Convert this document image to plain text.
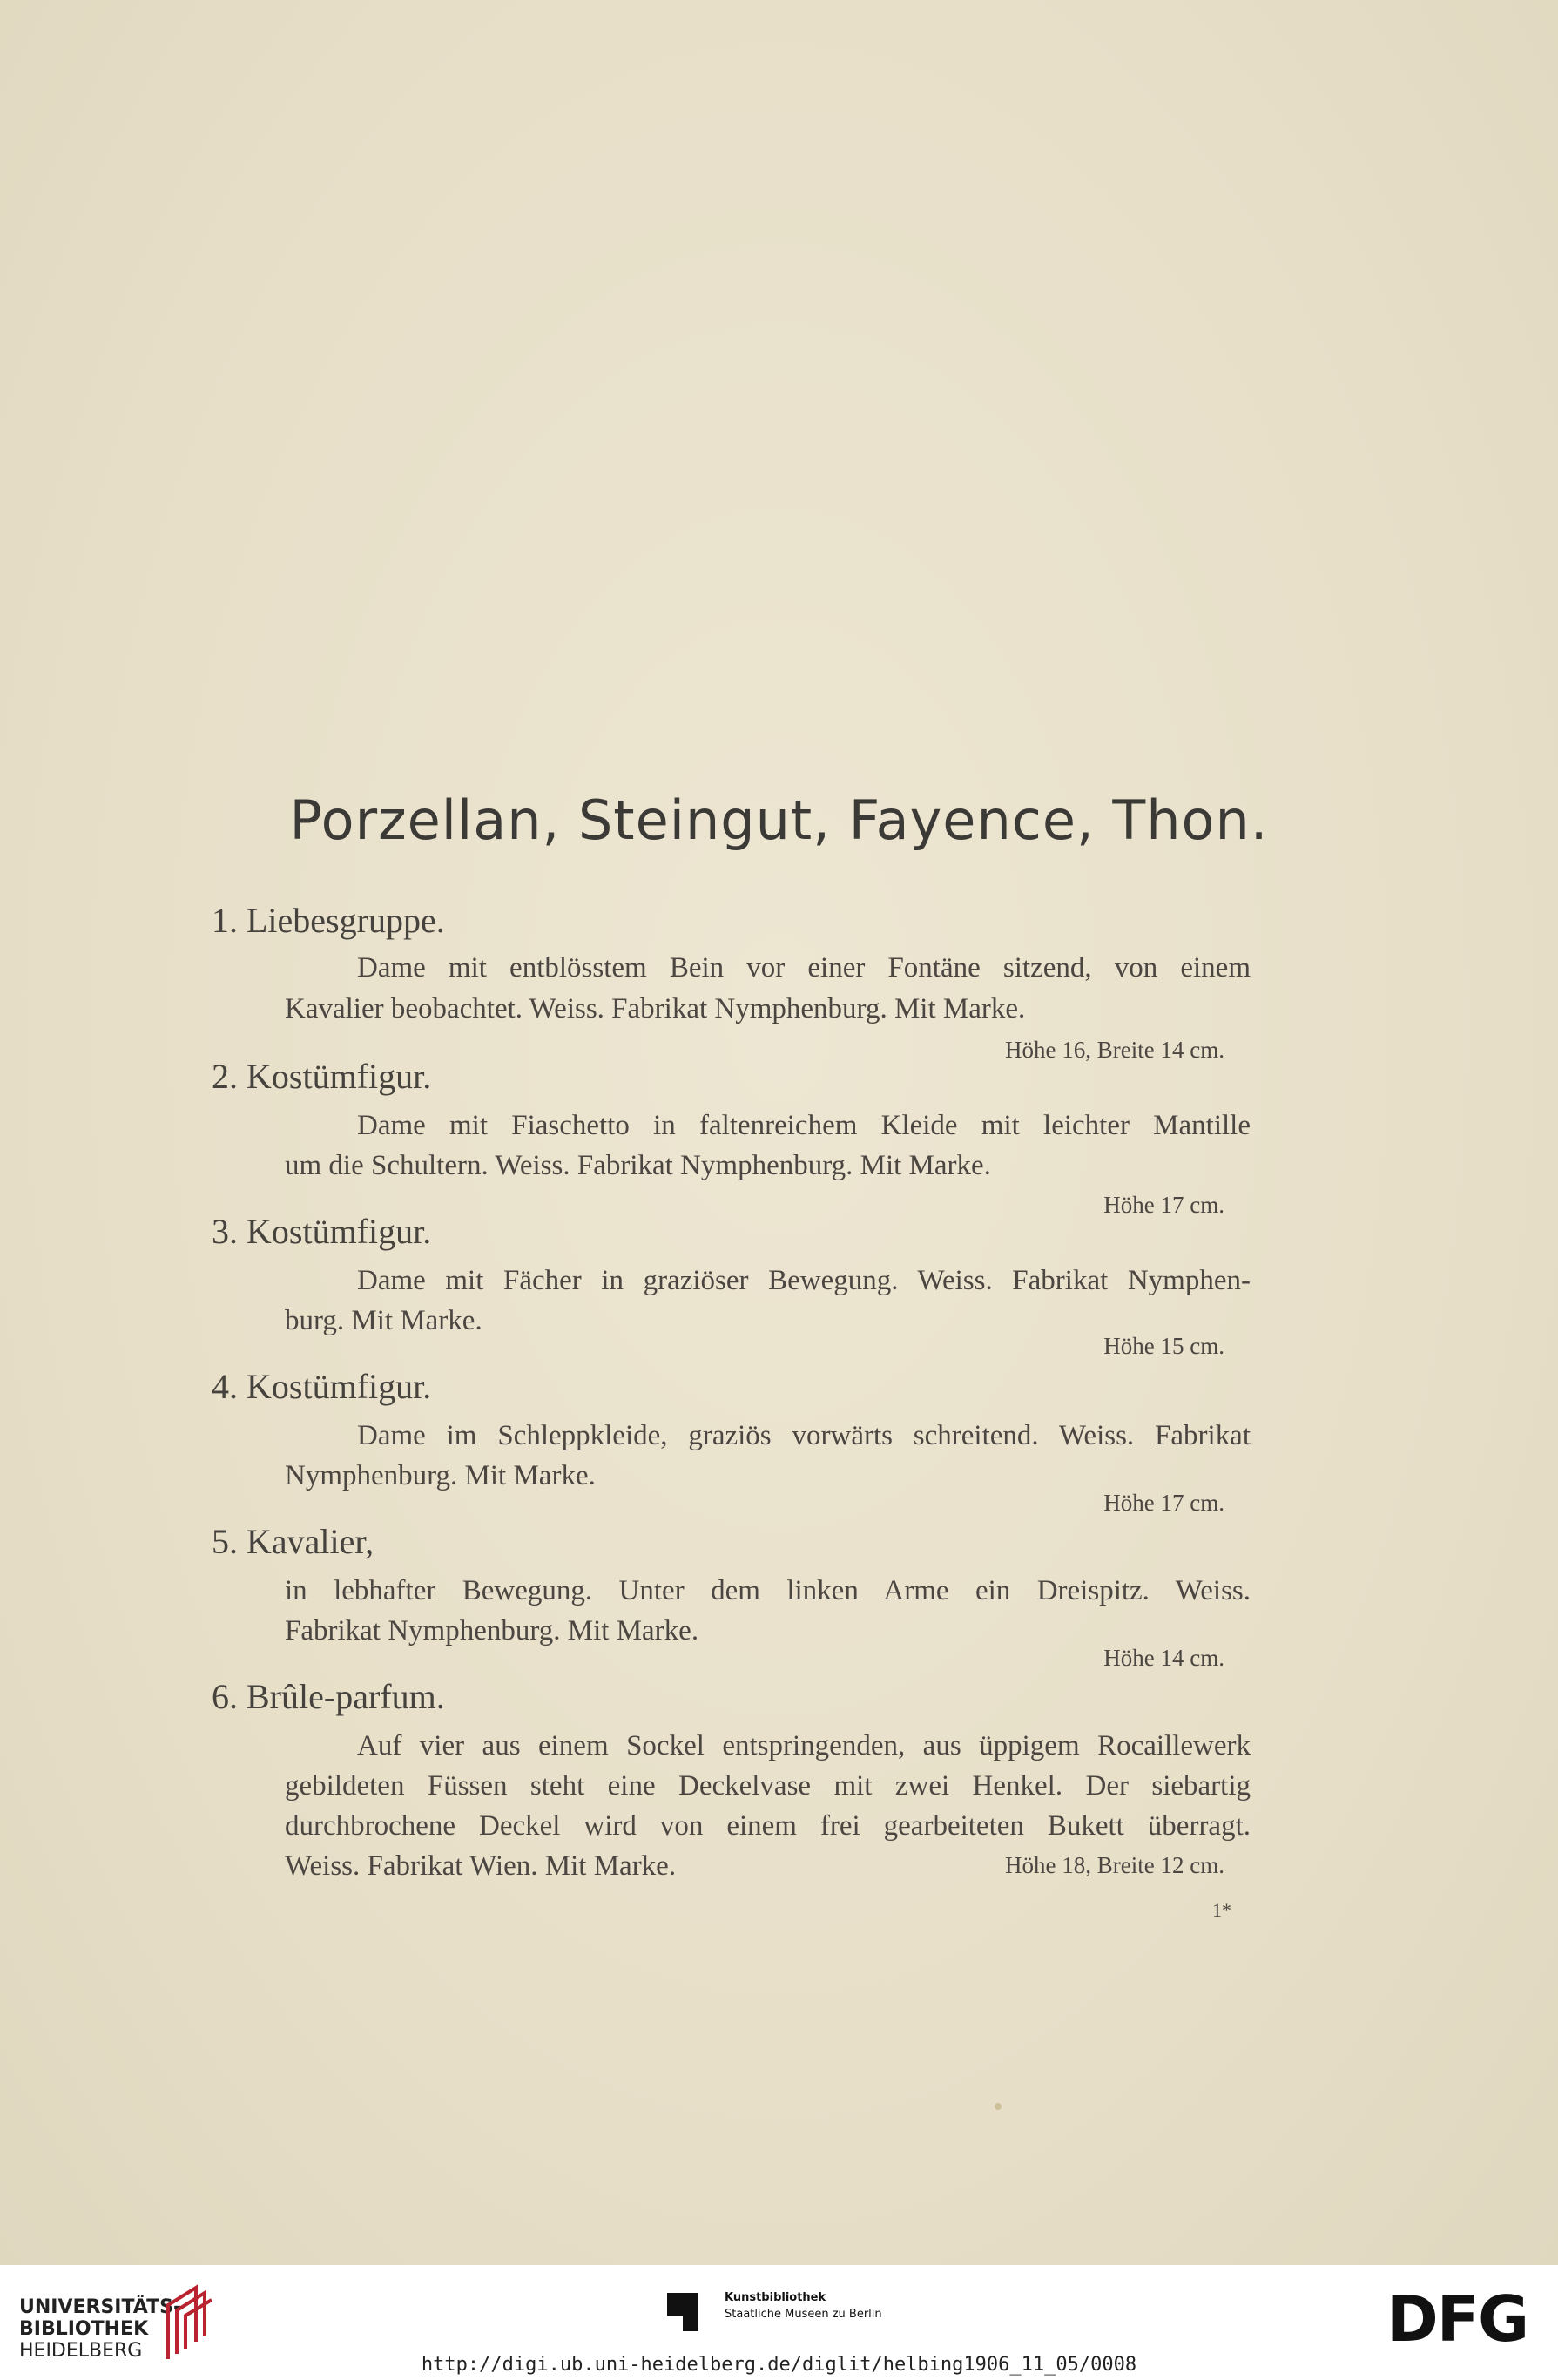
Porzellan, Steingut, Fayence, Thon.
1. Liebesgruppe.
Dame mit entblösstem Bein vor einer Fontäne sitzend, von einem
Kavalier beobachtet. Weiss. Fabrikat Nymphenburg. Mit Marke.
Höhe 16, Breite 14 cm.
2. Kostümfigur.
Dame mit Fiaschetto in faltenreichem Kleide mit leichter Mantille
um die Schultern. Weiss. Fabrikat Nymphenburg. Mit Marke.
Höhe 17 cm.
3. Kostümfigur.
Dame mit Fächer in graziöser Bewegung. Weiss. Fabrikat Nymphen-
burg. Mit Marke.
Höhe 15 cm.
4. Kostümfigur.
Dame im Schleppkleide, graziös vorwärts schreitend. Weiss. Fabrikat
Nymphenburg. Mit Marke.
Höhe 17 cm.
5. Kavalier,
in lebhafter Bewegung. Unter dem linken Arme ein Dreispitz. Weiss.
Fabrikat Nymphenburg. Mit Marke.
Höhe 14 cm.
6. Brûle-parfum.
Auf vier aus einem Sockel entspringenden, aus üppigem Rocaillewerk
gebildeten Füssen steht eine Deckelvase mit zwei Henkel. Der siebartig
durchbrochene Deckel wird von einem frei gearbeiteten Bukett überragt.
Weiss. Fabrikat Wien. Mit Marke.	Höhe 18, Breite 12 cm.
1*
UNIVERSITÄTS-
BIBLIOTHEK
HEIDELBERG
Kunstbibliothek
Staatliche Museen zu Berlin	DFG
http://digi.ub.uni-heidelberg.de/diglit/helbing1906_11_05/0008
